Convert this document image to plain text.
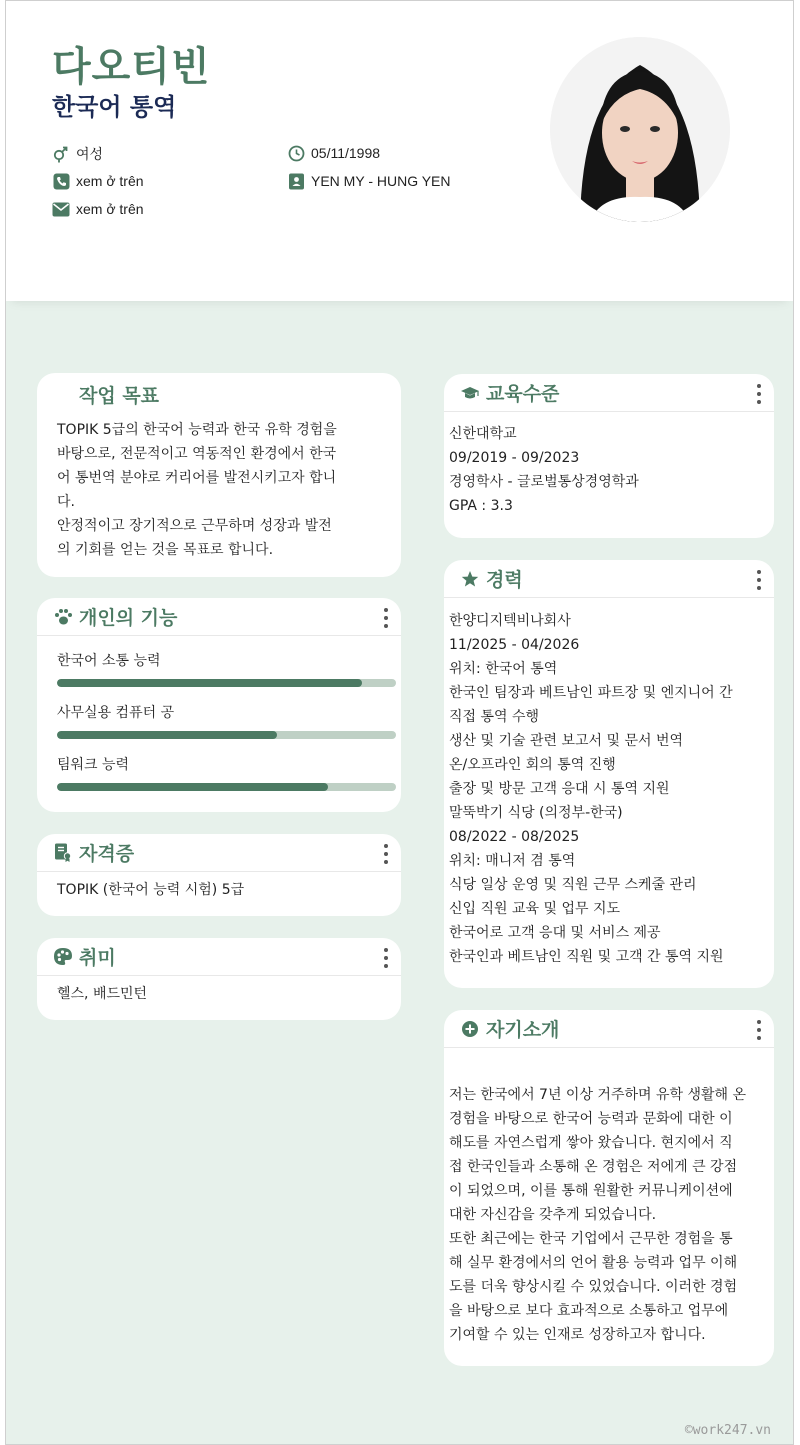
다오티빈
한국어 통역
여성	05/11/1998
xem ở trên	YEN MY - HUNG YEN
xem ở trên
작업 목표
TOPIK 5급의 한국어 능력과 한국 유학 경험을
바탕으로, 전문적이고 역동적인 환경에서 한국
어 통번역 분야로 커리어를 발전시키고자 합니
다.
안정적이고 장기적으로 근무하며 성장과 발전
의 기회를 얻는 것을 목표로 합니다.
개인의 기능
한국어 소통 능력
사무실용 컴퓨터 공
팀워크 능력
자격증
TOPIK (한국어 능력 시험) 5급
취미
헬스, 배드민턴
교육수준
신한대학교
09/2019 - 09/2023
경영학사 - 글로벌통상경영학과
GPA : 3.3
경력
한양디지텍비나회사
11/2025 - 04/2026
위치: 한국어 통역
한국인 팀장과 베트남인 파트장 및 엔지니어 간
직접 통역 수행
생산 및 기술 관련 보고서 및 문서 번역
온/오프라인 회의 통역 진행
출장 및 방문 고객 응대 시 통역 지원
말뚝박기 식당 (의정부-한국)
08/2022 - 08/2025
위치: 매니저 겸 통역
식당 일상 운영 및 직원 근무 스케줄 관리
신입 직원 교육 및 업무 지도
한국어로 고객 응대 및 서비스 제공
한국인과 베트남인 직원 및 고객 간 통역 지원
자기소개
저는 한국에서 7년 이상 거주하며 유학 생활해 온
경험을 바탕으로 한국어 능력과 문화에 대한 이
해도를 자연스럽게 쌓아 왔습니다. 현지에서 직
접 한국인들과 소통해 온 경험은 저에게 큰 강점
이 되었으며, 이를 통해 원활한 커뮤니케이션에
대한 자신감을 갖추게 되었습니다.
또한 최근에는 한국 기업에서 근무한 경험을 통
해 실무 환경에서의 언어 활용 능력과 업무 이해
도를 더욱 향상시킬 수 있었습니다. 이러한 경험
을 바탕으로 보다 효과적으로 소통하고 업무에
기여할 수 있는 인재로 성장하고자 합니다.
©work247.vn
